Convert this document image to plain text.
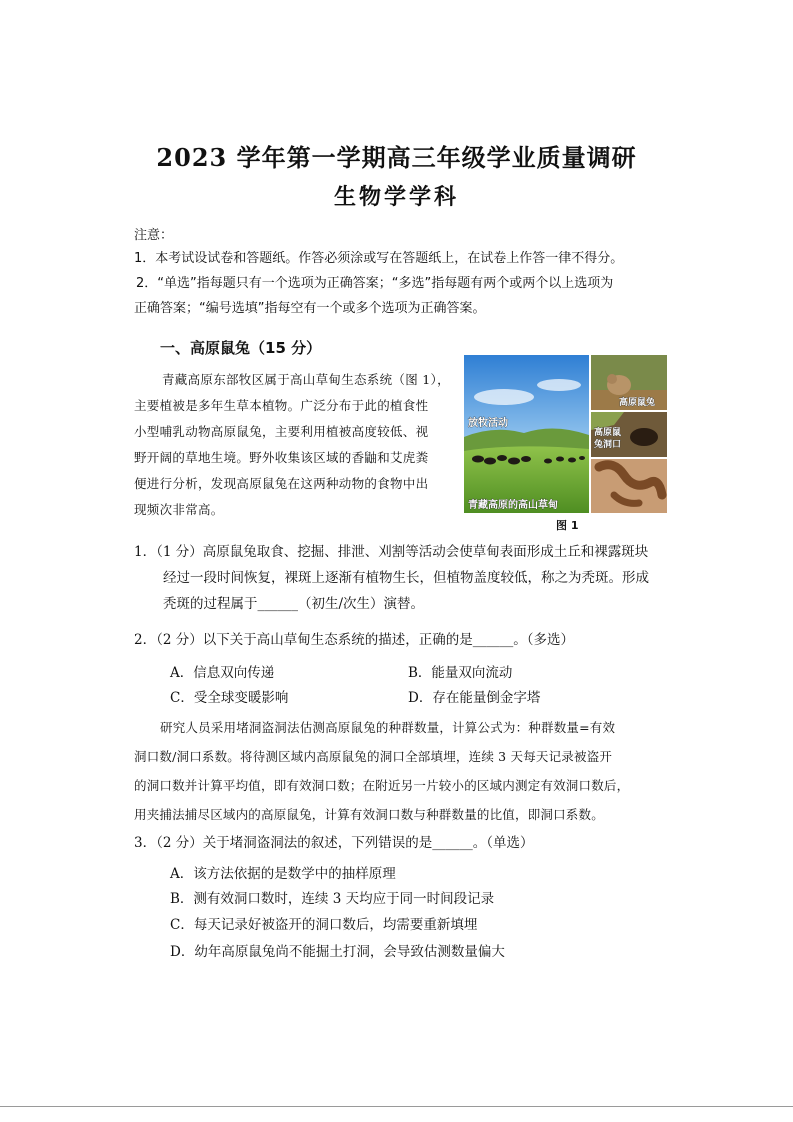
2023 学年第一学期高三年级学业质量调研
生物学学科
注意：
1．本考试设试卷和答题纸。作答必须涂或写在答题纸上，在试卷上作答一律不得分。
2．“单选”指每题只有一个选项为正确答案；“多选”指每题有两个或两个以上选项为
正确答案；“编号选填”指每空有一个或多个选项为正确答案。
一、高原鼠兔（15 分）

青藏高原东部牧区属于高山草甸生态系统（图 1），

主要植被是多年生草本植物。广泛分布于此的植食性

小型哺乳动物高原鼠兔，主要利用植被高度较低、视

野开阔的草地生境。野外收集该区域的香鼬和艾虎粪

便进行分析，发现高原鼠兔在这两种动物的食物中出

现频次非常高。

放牧活动
青藏高原的高山草甸
高原鼠兔
高原鼠
兔洞口
图 1
1．（1 分）高原鼠兔取食、挖掘、排泄、刈割等活动会使草甸表面形成土丘和裸露斑块
经过一段时间恢复，裸斑上逐渐有植物生长，但植物盖度较低，称之为秃斑。形成
秃斑的过程属于______（初生/次生）演替。
2．（2 分）以下关于高山草甸生态系统的描述，正确的是______。（多选）
A．信息双向传递	B．能量双向流动
C．受全球变暖影响	D．存在能量倒金字塔
研究人员采用堵洞盗洞法估测高原鼠兔的种群数量，计算公式为：种群数量=有效
洞口数/洞口系数。将待测区域内高原鼠兔的洞口全部填埋，连续 3 天每天记录被盗开
的洞口数并计算平均值，即有效洞口数；在附近另一片较小的区域内测定有效洞口数后，
用夹捕法捕尽区域内的高原鼠兔，计算有效洞口数与种群数量的比值，即洞口系数。
3．（2 分）关于堵洞盗洞法的叙述，下列错误的是______。（单选）
A．该方法依据的是数学中的抽样原理
B．测有效洞口数时，连续 3 天均应于同一时间段记录
C．每天记录好被盗开的洞口数后，均需要重新填埋
D．幼年高原鼠兔尚不能掘土打洞，会导致估测数量偏大
